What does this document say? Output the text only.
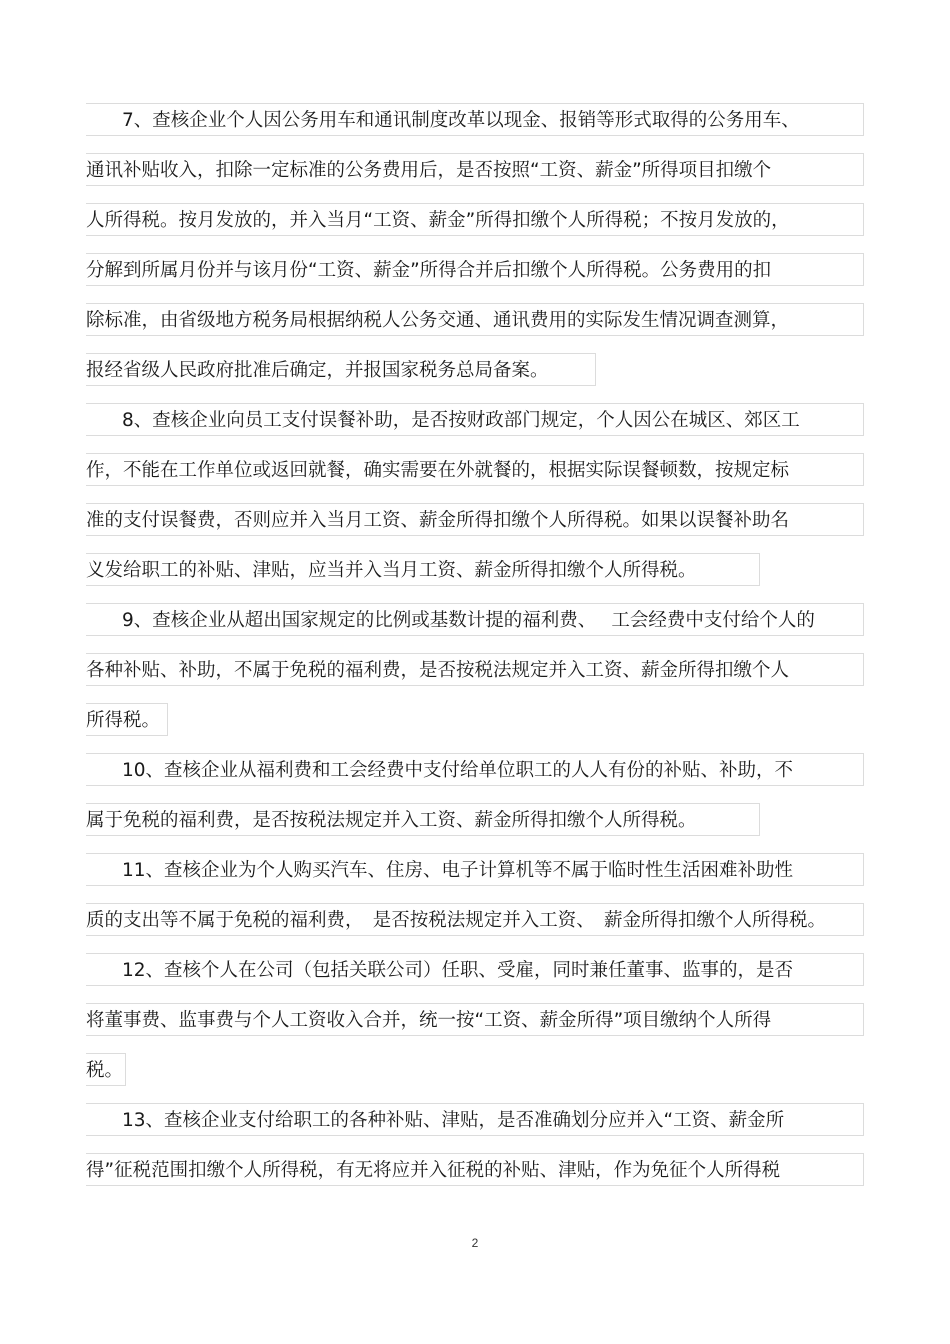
7、查核企业个人因公务用车和通讯制度改革以现金、报销等形式取得的公务用车、
通讯补贴收入，扣除一定标准的公务费用后，是否按照“工资、薪金”所得项目扣缴个
人所得税。按月发放的，并入当月“工资、薪金”所得扣缴个人所得税；不按月发放的，
分解到所属月份并与该月份“工资、薪金”所得合并后扣缴个人所得税。公务费用的扣
除标准，由省级地方税务局根据纳税人公务交通、通讯费用的实际发生情况调查测算，
报经省级人民政府批准后确定，并报国家税务总局备案。
8、查核企业向员工支付误餐补助，是否按财政部门规定，个人因公在城区、郊区工
作，不能在工作单位或返回就餐，确实需要在外就餐的，根据实际误餐顿数，按规定标
准的支付误餐费，否则应并入当月工资、薪金所得扣缴个人所得税。如果以误餐补助名
义发给职工的补贴、津贴，应当并入当月工资、薪金所得扣缴个人所得税。
9、查核企业从超出国家规定的比例或基数计提的福利费、　 工会经费中支付给个人的
各种补贴、补助，不属于免税的福利费，是否按税法规定并入工资、薪金所得扣缴个人
所得税。
10、查核企业从福利费和工会经费中支付给单位职工的人人有份的补贴、补助，不
属于免税的福利费，是否按税法规定并入工资、薪金所得扣缴个人所得税。
11、查核企业为个人购买汽车、住房、电子计算机等不属于临时性生活困难补助性
质的支出等不属于免税的福利费，　是否按税法规定并入工资、　薪金所得扣缴个人所得税。
12、查核个人在公司（包括关联公司）任职、受雇，同时兼任董事、监事的，是否
将董事费、监事费与个人工资收入合并，统一按“工资、薪金所得”项目缴纳个人所得
税。
13、查核企业支付给职工的各种补贴、津贴，是否准确划分应并入“工资、薪金所
得”征税范围扣缴个人所得税，有无将应并入征税的补贴、津贴，作为免征个人所得税
2
